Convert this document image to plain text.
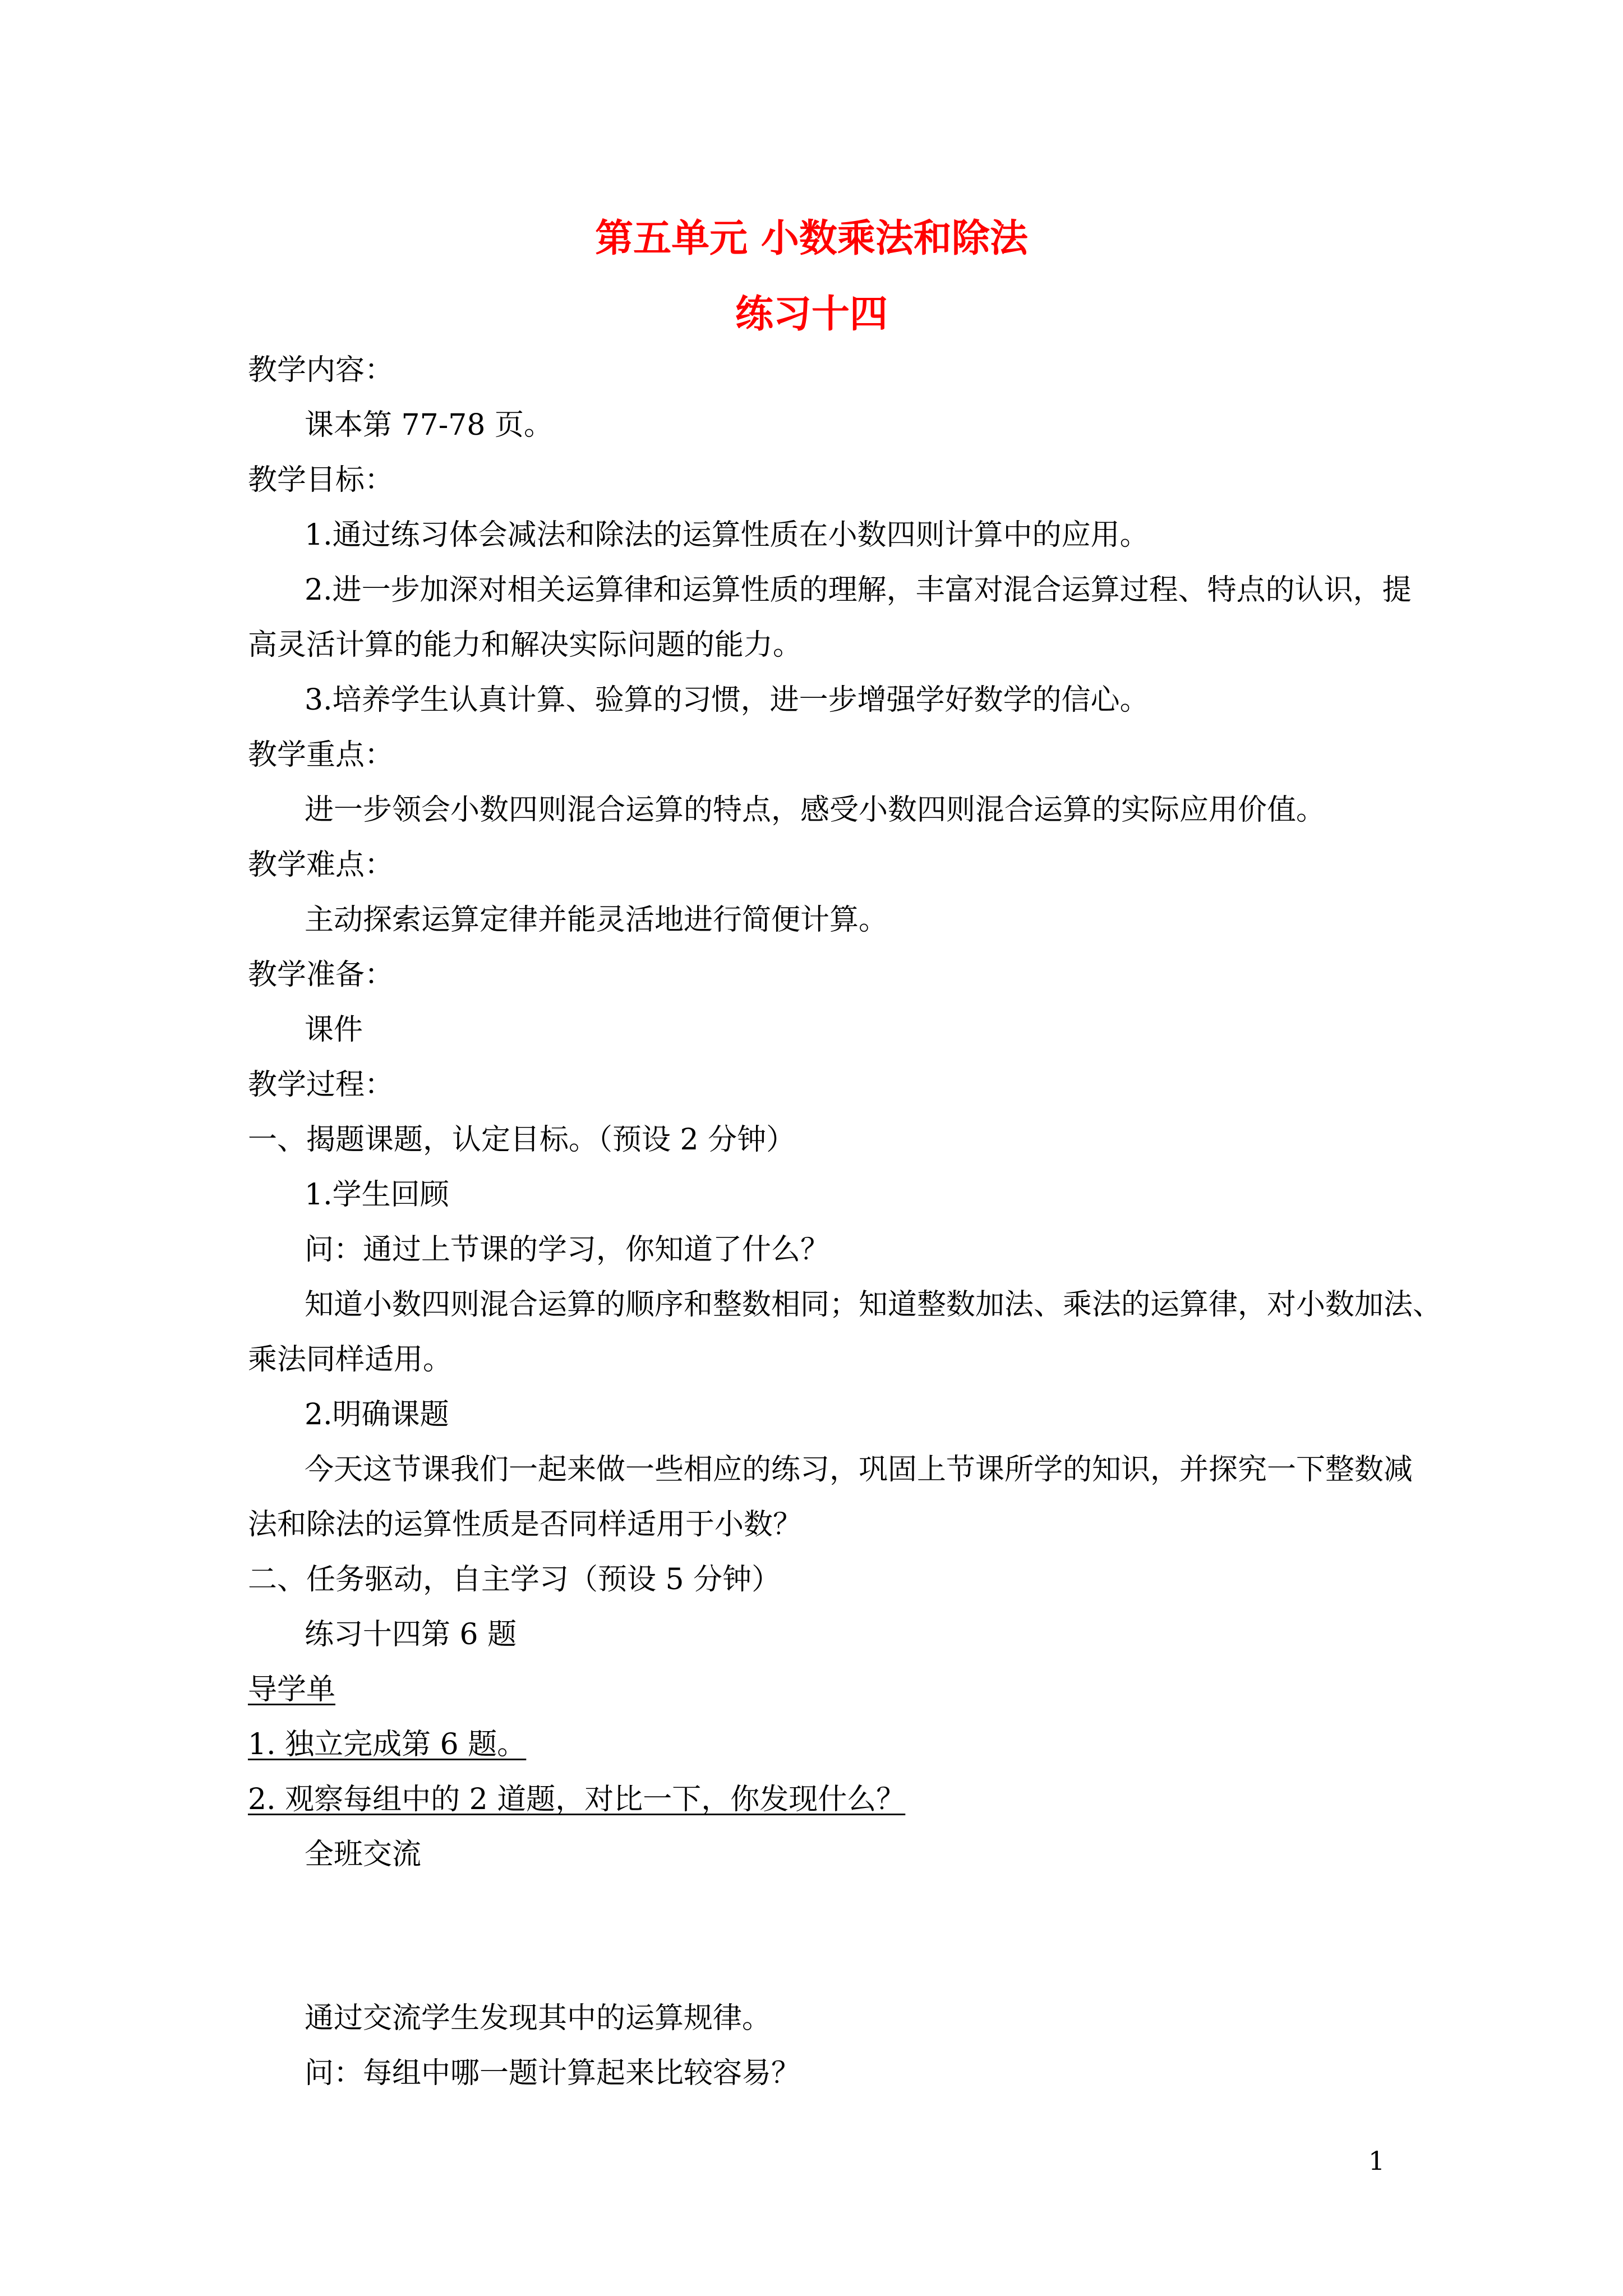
第五单元 小数乘法和除法
练习十四
教学内容：
课本第 77-78 页。
教学目标：
1.通过练习体会减法和除法的运算性质在小数四则计算中的应用。
2.进一步加深对相关运算律和运算性质的理解，丰富对混合运算过程、特点的认识，提
高灵活计算的能力和解决实际问题的能力。
3.培养学生认真计算、验算的习惯，进一步增强学好数学的信心。
教学重点：
进一步领会小数四则混合运算的特点，感受小数四则混合运算的实际应用价值。
教学难点：
主动探索运算定律并能灵活地进行简便计算。
教学准备：
课件
教学过程：
一、揭题课题，认定目标。（预设 2 分钟）
1.学生回顾
问：通过上节课的学习，你知道了什么？
知道小数四则混合运算的顺序和整数相同；知道整数加法、乘法的运算律，对小数加法、
乘法同样适用。
2.明确课题
今天这节课我们一起来做一些相应的练习，巩固上节课所学的知识，并探究一下整数减
法和除法的运算性质是否同样适用于小数？
二、任务驱动，自主学习（预设 5 分钟）
练习十四第 6 题
导学单
1. 独立完成第 6 题。
2. 观察每组中的 2 道题，对比一下，你发现什么？
全班交流
通过交流学生发现其中的运算规律。
问：每组中哪一题计算起来比较容易？
1
